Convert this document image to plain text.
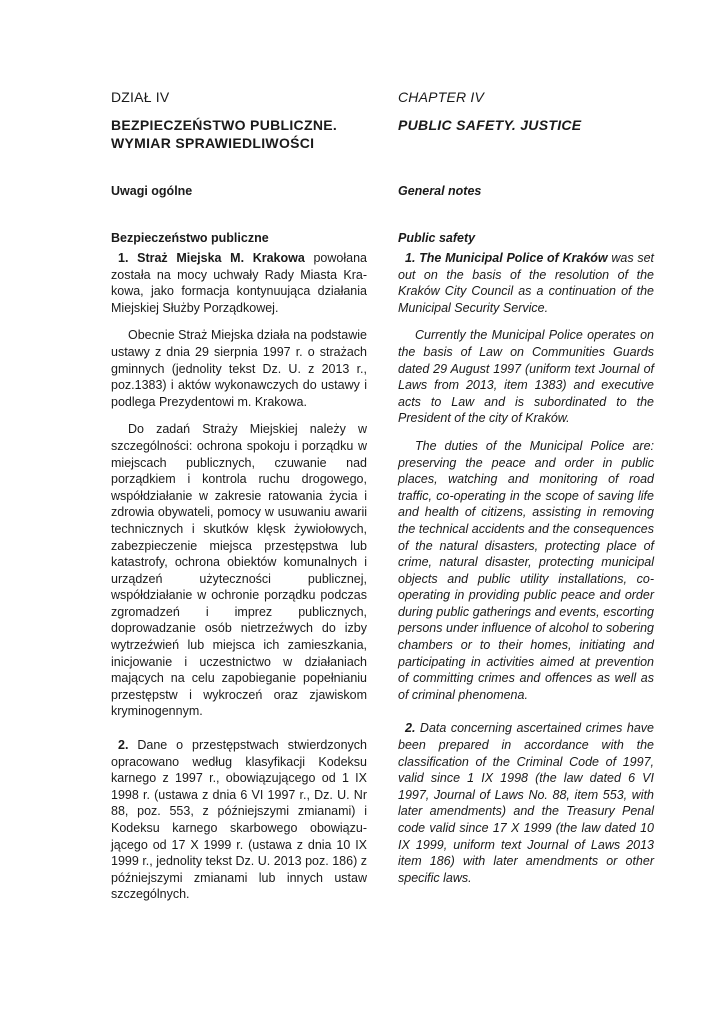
DZIAŁ IV

BEZPIECZEŃSTWO PUBLICZNE.

WYMIAR SPRAWIEDLIWOŚCI

Uwagi ogólne

Bezpieczeństwo publiczne

1. Straż Miejska M. Krakowa powołana została na mocy uchwały Rady Miasta Krakowa, jako formacja kontynuująca działania Miejskiej Służby Porządkowej.

Obecnie Straż Miejska działa na podstawie ustawy z dnia 29 sierpnia 1997 r. o strażach gminnych (jednolity tekst Dz. U. z 2013 r., poz.1383) i aktów wykonawczych do ustawy i podlega Prezydentowi m. Krakowa.

Do zadań Straży Miejskiej należy w szczególności: ochrona spokoju i porządku w miejscach publicznych, czuwanie nad porządkiem i kontrola ruchu drogowego, współdziałanie w zakresie ratowania życia i zdrowia obywateli, pomocy w usuwaniu awarii technicznych i skutków klęsk żywiołowych, zabezpieczenie miejsca przestępstwa lub katastrofy, ochrona obiektów komunalnych i urządzeń użyteczności publicznej, współdziałanie w ochronie porządku podczas zgromadzeń i imprez publicznych, doprowadzanie osób nietrzeźwych do izby wytrzeźwień lub miejsca ich zamieszkania, inicjowanie i uczestnictwo w działaniach mających na celu zapobieganie popełnianiu przestępstw i wykroczeń oraz zjawiskom kryminogennym.

2. Dane o przestępstwach stwierdzonych opracowano według klasyfikacji Kodeksu karnego z 1997 r., obowiązującego od 1 IX 1998 r. (ustawa z dnia 6 VI 1997 r., Dz. U. Nr 88, poz. 553, z późniejszymi zmianami) i Kodeksu karnego skarbowego obowiązującego od 17 X 1999 r. (ustawa z dnia 10 IX 1999 r., jednolity tekst Dz. U. 2013 poz. 186) z późniejszymi zmianami lub innych ustaw szczególnych.

CHAPTER IV

PUBLIC SAFETY. JUSTICE

General notes

Public safety

1. The Municipal Police of Kraków was set out on the basis of the resolution of the Kraków City Council as a continuation of the Municipal Security Service.

Currently the Municipal Police operates on the basis of Law on Communities Guards dated 29 August 1997 (uniform text Journal of Laws from 2013, item 1383) and executive acts to Law and is subordinated to the President of the city of Kraków.

The duties of the Municipal Police are: preserving the peace and order in public places, watching and monitoring of road traffic, co-operating in the scope of saving life and health of citizens, assisting in removing the technical accidents and the consequences of the natural disasters, protecting place of crime, natural disaster, protecting municipal objects and public utility installations, co-operating in providing public peace and order during public gatherings and events, escorting persons under influence of alcohol to sobering chambers or to their homes, initiating and participating in activities aimed at prevention of committing crimes and offences as well as of criminal phenomena.

2. Data concerning ascertained crimes have been prepared in accordance with the classification of the Criminal Code of 1997, valid since 1 IX 1998 (the law dated 6 VI 1997, Journal of Laws No. 88, item 553, with later amendments) and the Treasury Penal code valid since 17 X 1999 (the law dated 10 IX 1999, uniform text Journal of Laws 2013 item 186) with later amendments or other specific laws.
